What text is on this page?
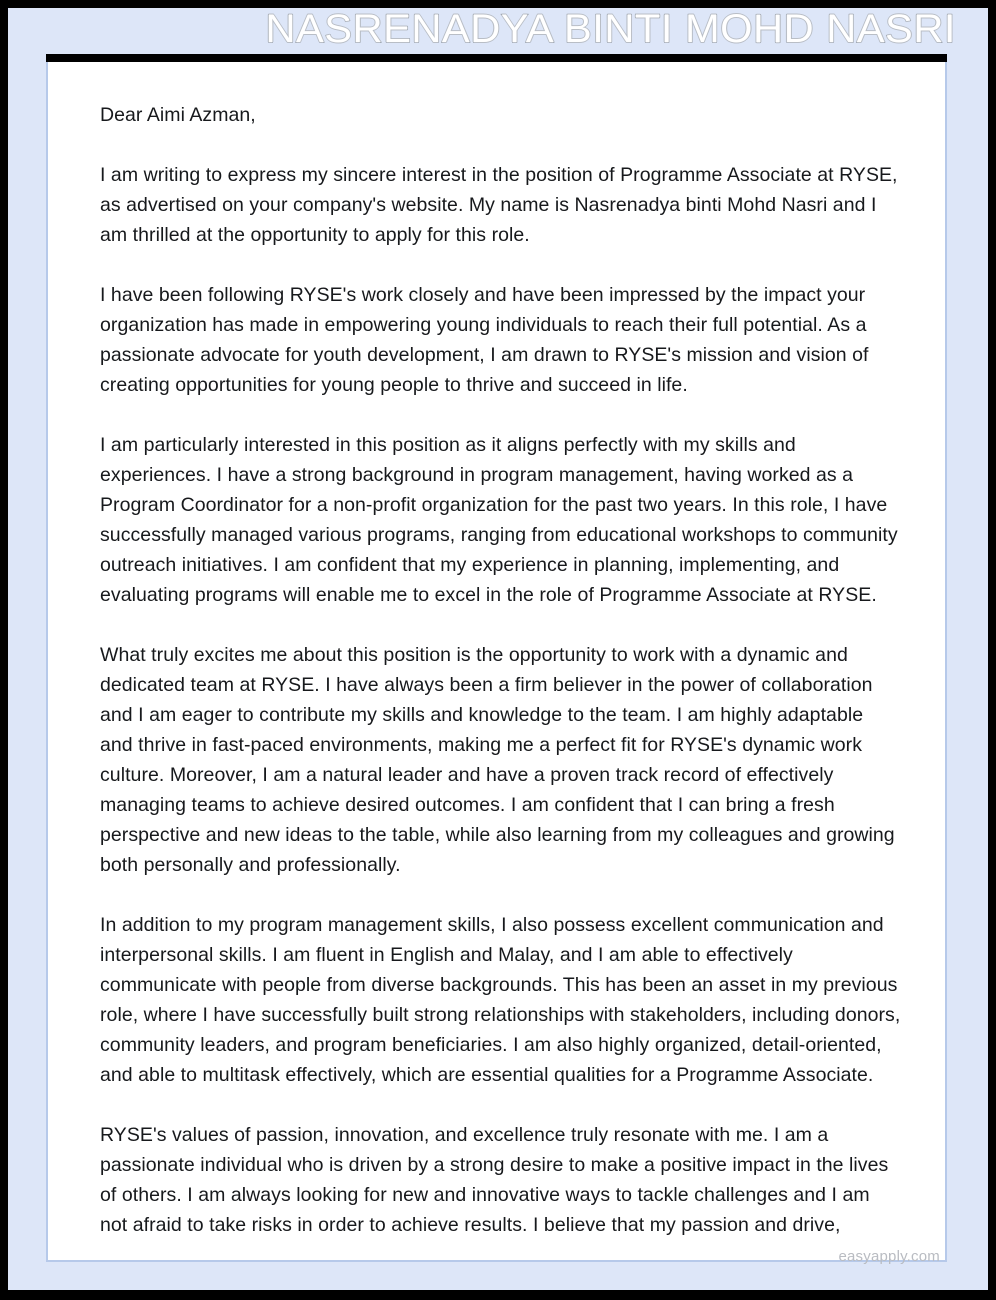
NASRENADYA BINTI MOHD NASRI

Dear Aimi Azman,

I am writing to express my sincere interest in the position of Programme Associate at RYSE, as advertised on your company's website. My name is Nasrenadya binti Mohd Nasri and I am thrilled at the opportunity to apply for this role.

I have been following RYSE's work closely and have been impressed by the impact your organization has made in empowering young individuals to reach their full potential. As a passionate advocate for youth development, I am drawn to RYSE's mission and vision of creating opportunities for young people to thrive and succeed in life.

I am particularly interested in this position as it aligns perfectly with my skills and experiences. I have a strong background in program management, having worked as a Program Coordinator for a non-profit organization for the past two years. In this role, I have successfully managed various programs, ranging from educational workshops to community outreach initiatives. I am confident that my experience in planning, implementing, and evaluating programs will enable me to excel in the role of Programme Associate at RYSE.

What truly excites me about this position is the opportunity to work with a dynamic and dedicated team at RYSE. I have always been a firm believer in the power of collaboration and I am eager to contribute my skills and knowledge to the team. I am highly adaptable and thrive in fast-paced environments, making me a perfect fit for RYSE's dynamic work culture. Moreover, I am a natural leader and have a proven track record of effectively managing teams to achieve desired outcomes. I am confident that I can bring a fresh perspective and new ideas to the table, while also learning from my colleagues and growing both personally and professionally.

In addition to my program management skills, I also possess excellent communication and interpersonal skills. I am fluent in English and Malay, and I am able to effectively communicate with people from diverse backgrounds. This has been an asset in my previous role, where I have successfully built strong relationships with stakeholders, including donors, community leaders, and program beneficiaries. I am also highly organized, detail-oriented, and able to multitask effectively, which are essential qualities for a Programme Associate.

RYSE's values of passion, innovation, and excellence truly resonate with me. I am a passionate individual who is driven by a strong desire to make a positive impact in the lives of others. I am always looking for new and innovative ways to tackle challenges and I am not afraid to take risks in order to achieve results. I believe that my passion and drive,

easyapply.com
